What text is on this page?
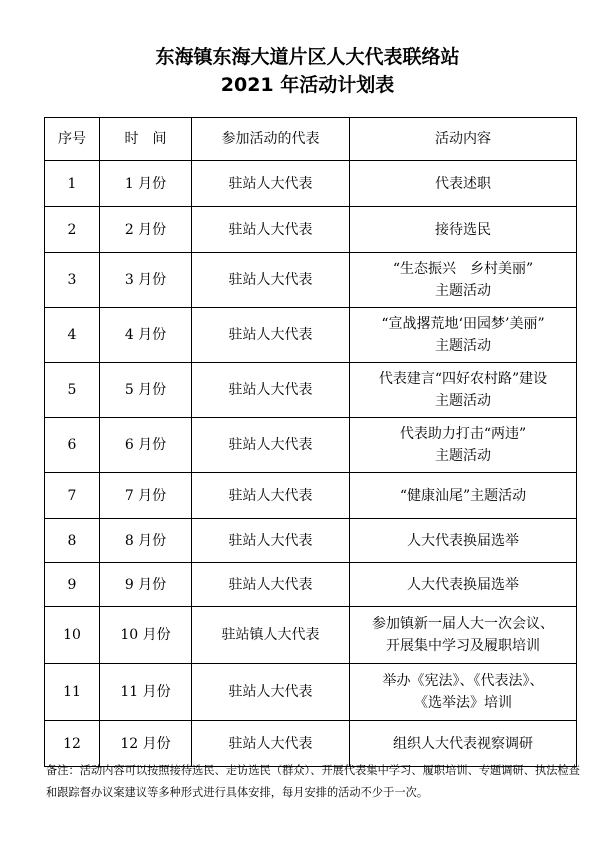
东海镇东海大道片区人大代表联络站
2021 年活动计划表
序号	时　间	参加活动的代表	活动内容
1	1 月份	驻站人大代表	代表述职

2	2 月份	驻站人大代表	接待选民

3	3 月份	驻站人大代表	“生态振兴　乡村美丽”
主题活动

4	4 月份	驻站人大代表	“宣战撂荒地‘田园梦’美丽”
主题活动

5	5 月份	驻站人大代表	代表建言“四好农村路”建设
主题活动

6	6 月份	驻站人大代表	代表助力打击“两违”
主题活动

7	7 月份	驻站人大代表	“健康汕尾”主题活动

8	8 月份	驻站人大代表	人大代表换届选举

9	9 月份	驻站人大代表	人大代表换届选举

10	10 月份	驻站镇人大代表	参加镇新一届人大一次会议、
开展集中学习及履职培训

11	11 月份	驻站人大代表	举办《宪法》、《代表法》、
《选举法》培训

12	12 月份	驻站人大代表	组织人大代表视察调研
备注：活动内容可以按照接待选民、走访选民（群众）、开展代表集中学习、履职培训、专题调研、执法检查和跟踪督办议案建议等多种形式进行具体安排，每月安排的活动不少于一次。
